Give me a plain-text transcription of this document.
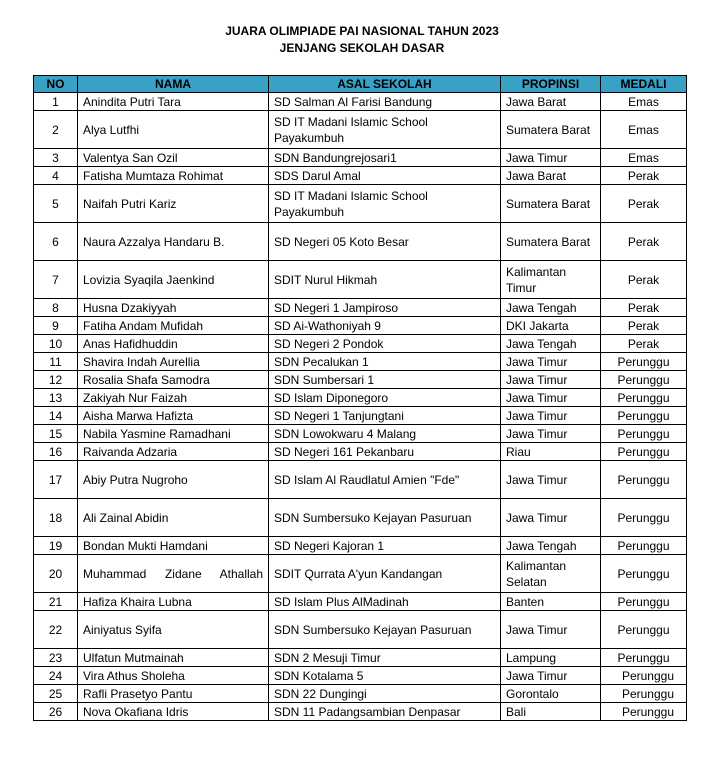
JUARA OLIMPIADE PAI NASIONAL TAHUN 2023
JENJANG SEKOLAH DASAR
NO	NAMA	ASAL SEKOLAH	PROPINSI	MEDALI
1	Anindita Putri Tara	SD Salman Al Farisi Bandung	Jawa Barat	Emas
2	Alya Lutfhi	SD IT Madani Islamic School Payakumbuh	Sumatera Barat	Emas
3	Valentya San Ozil	SDN Bandungrejosari1	Jawa Timur	Emas
4	Fatisha Mumtaza Rohimat	SDS Darul Amal	Jawa Barat	Perak
5	Naifah Putri Kariz	SD IT Madani Islamic School Payakumbuh	Sumatera Barat	Perak
6	Naura Azzalya Handaru B.	SD Negeri 05 Koto Besar	Sumatera Barat	Perak
7	Lovizia Syaqila Jaenkind	SDIT Nurul Hikmah	Kalimantan Timur	Perak
8	Husna Dzakiyyah	SD Negeri 1 Jampiroso	Jawa Tengah	Perak
9	Fatiha Andam Mufidah	SD Ai-Wathoniyah 9	DKI Jakarta	Perak
10	Anas Hafidhuddin	SD Negeri 2 Pondok	Jawa Tengah	Perak
11	Shavira Indah Aurellia	SDN Pecalukan 1	Jawa Timur	Perunggu
12	Rosalia Shafa Samodra	SDN Sumbersari 1	Jawa Timur	Perunggu
13	Zakiyah Nur Faizah	SD Islam Diponegoro	Jawa Timur	Perunggu
14	Aisha Marwa Hafizta	SD Negeri 1 Tanjungtani	Jawa Timur	Perunggu
15	Nabila Yasmine Ramadhani	SDN Lowokwaru 4 Malang	Jawa Timur	Perunggu
16	Raivanda Adzaria	SD Negeri 161 Pekanbaru	Riau	Perunggu
17	Abiy Putra Nugroho	SD Islam Al Raudlatul Amien "Fde"	Jawa Timur	Perunggu
18	Ali Zainal Abidin	SDN Sumbersuko Kejayan Pasuruan	Jawa Timur	Perunggu
19	Bondan Mukti Hamdani	SD Negeri Kajoran 1	Jawa Tengah	Perunggu
20	Muhammad Zidane Athallah	SDIT Qurrata A'yun Kandangan	Kalimantan Selatan	Perunggu
21	Hafiza Khaira Lubna	SD Islam Plus AlMadinah	Banten	Perunggu
22	Ainiyatus Syifa	SDN Sumbersuko Kejayan Pasuruan	Jawa Timur	Perunggu
23	Ulfatun Mutmainah	SDN 2 Mesuji Timur	Lampung	Perunggu
24	Vira Athus Sholeha	SDN Kotalama 5	Jawa Timur	Perunggu
25	Rafli Prasetyo Pantu	SDN 22 Dungingi	Gorontalo	Perunggu
26	Nova Okafiana Idris	SDN 11 Padangsambian Denpasar	Bali	Perunggu
